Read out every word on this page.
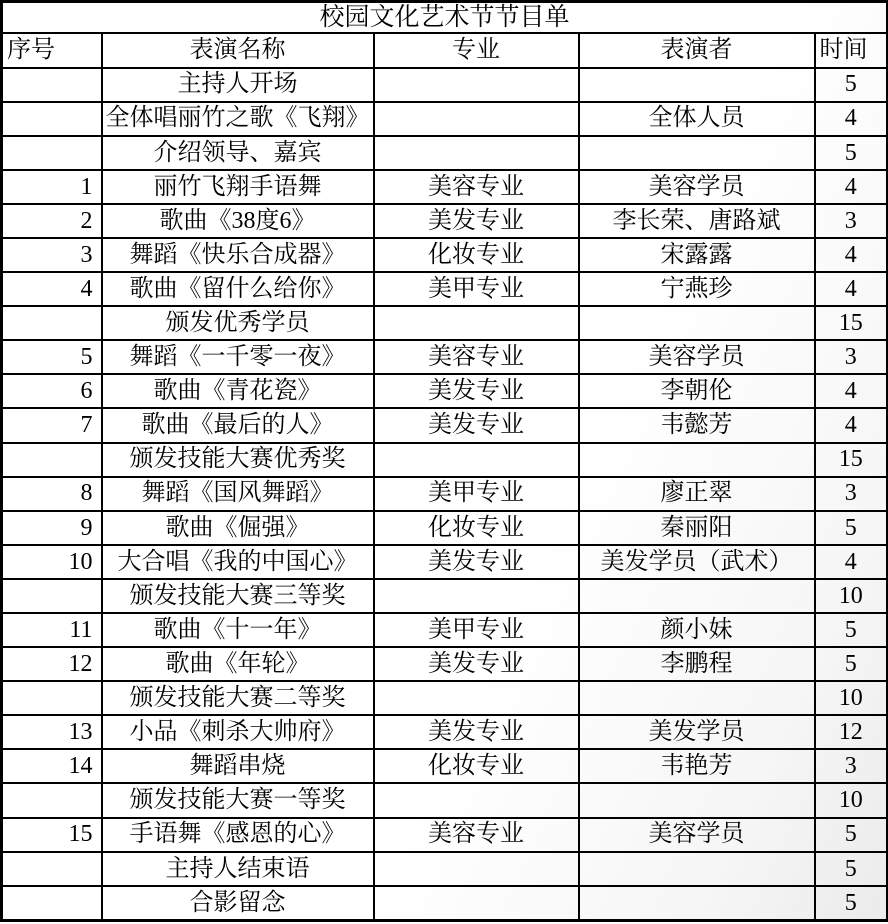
校园文化艺术节节目单				
序号	表演名称	专业	表演者	时间
	主持人开场			5
	全体唱丽竹之歌《飞翔》		全体人员	4
	介绍领导、嘉宾			5
1	丽竹飞翔手语舞	美容专业	美容学员	4
2	歌曲《38度6》	美发专业	李长荣、唐路斌	3
3	舞蹈《快乐合成器》	化妆专业	宋露露	4
4	歌曲《留什么给你》	美甲专业	宁燕珍	4
	颁发优秀学员			15
5	舞蹈《一千零一夜》	美容专业	美容学员	3
6	歌曲《青花瓷》	美发专业	李朝伦	4
7	歌曲《最后的人》	美发专业	韦懿芳	4
	颁发技能大赛优秀奖			15
8	舞蹈《国风舞蹈》	美甲专业	廖正翠	3
9	歌曲《倔强》	化妆专业	秦丽阳	5
10	大合唱《我的中国心》	美发专业	美发学员（武术）	4
	颁发技能大赛三等奖			10
11	歌曲《十一年》	美甲专业	颜小妹	5
12	歌曲《年轮》	美发专业	李鹏程	5
	颁发技能大赛二等奖			10
13	小品《刺杀大帅府》	美发专业	美发学员	12
14	舞蹈串烧	化妆专业	韦艳芳	3
	颁发技能大赛一等奖			10
15	手语舞《感恩的心》	美容专业	美容学员	5
	主持人结束语			5
	合影留念			5
